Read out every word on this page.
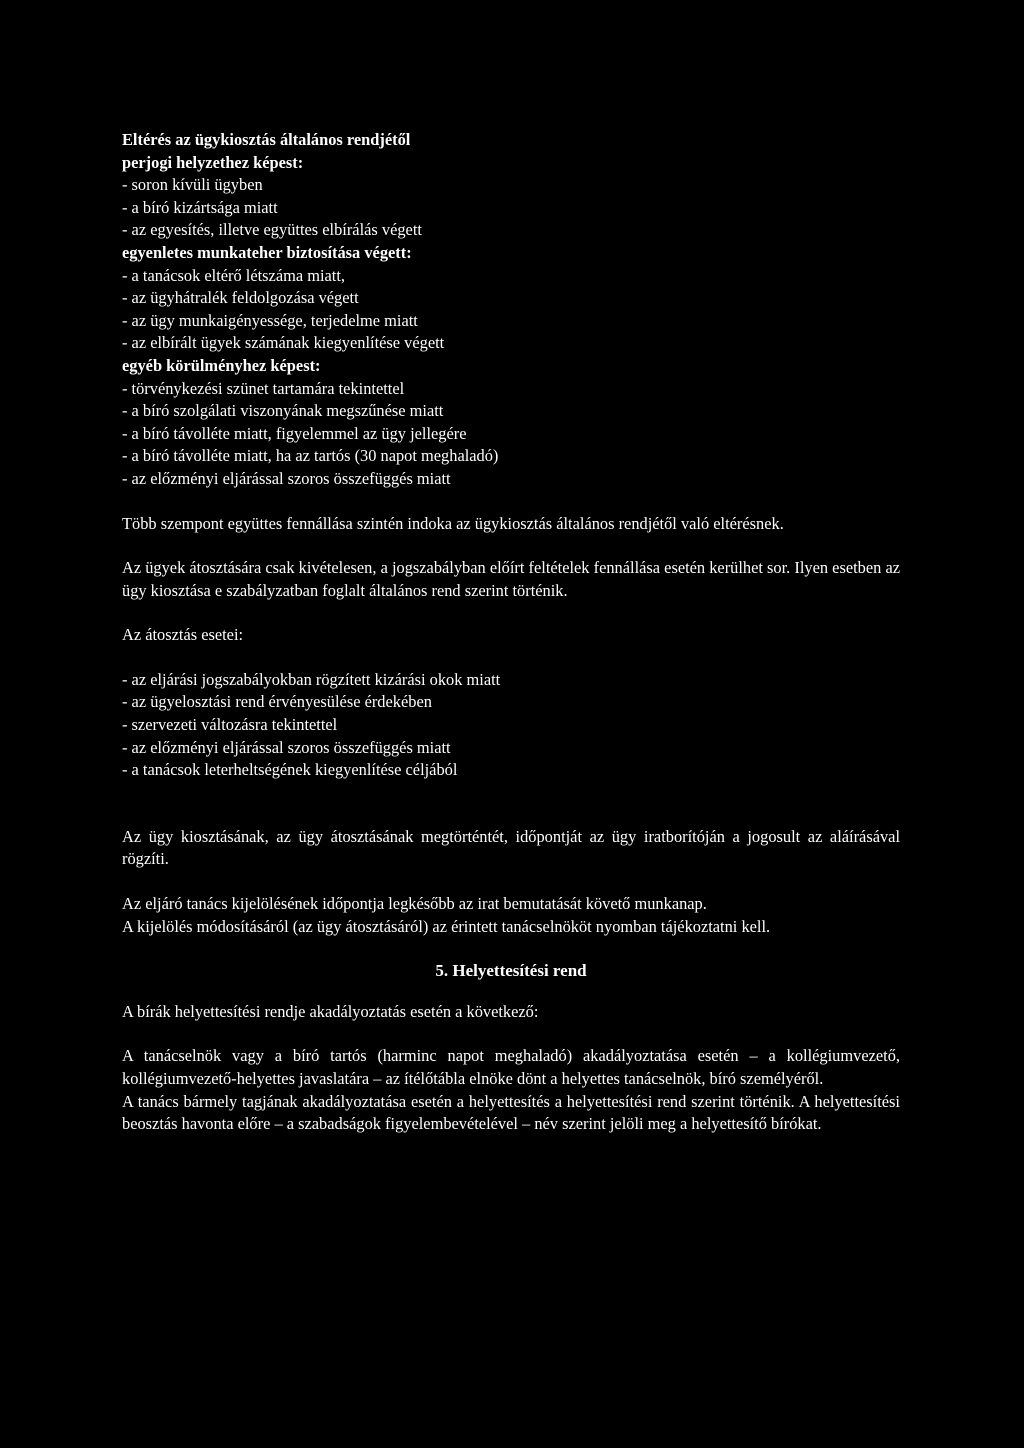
Eltérés az ügykiosztás általános rendjétől
perjogi helyzethez képest:
- soron kívüli ügyben
- a bíró kizártsága miatt
- az egyesítés, illetve együttes elbírálás végett
egyenletes munkateher biztosítása végett:
- a tanácsok eltérő létszáma miatt,
- az ügyhátralék feldolgozása végett
- az ügy munkaigényessége, terjedelme miatt
- az elbírált ügyek számának kiegyenlítése végett
egyéb körülményhez képest:
- törvénykezési szünet tartamára tekintettel
- a bíró szolgálati viszonyának megszűnése miatt
- a bíró távolléte miatt, figyelemmel az ügy jellegére
- a bíró távolléte miatt, ha az tartós (30 napot meghaladó)
- az előzményi eljárással szoros összefüggés miatt
Több szempont együttes fennállása szintén indoka az ügykiosztás általános rendjétől való eltérésnek.
Az ügyek átosztására csak kivételesen, a jogszabályban előírt feltételek fennállása esetén kerülhet sor. Ilyen esetben az ügy kiosztása e szabályzatban foglalt általános rend szerint történik.
Az átosztás esetei:
- az eljárási jogszabályokban rögzített kizárási okok miatt
- az ügyelosztási rend érvényesülése érdekében
- szervezeti változásra tekintettel
- az előzményi eljárással szoros összefüggés miatt
- a tanácsok leterheltségének kiegyenlítése céljából
Az ügy kiosztásának, az ügy átosztásának megtörténtét, időpontját az ügy iratborítóján a jogosult az aláírásával rögzíti.
Az eljáró tanács kijelölésének időpontja legkésőbb az irat bemutatását követő munkanap.
A kijelölés módosításáról (az ügy átosztásáról) az érintett tanácselnököt nyomban tájékoztatni kell.
5. Helyettesítési rend
A bírák helyettesítési rendje akadályoztatás esetén a következő:
A tanácselnök vagy a bíró tartós (harminc napot meghaladó) akadályoztatása esetén – a kollégiumvezető, kollégiumvezető-helyettes javaslatára – az ítélőtábla elnöke dönt a helyettes tanácselnök, bíró személyéről.
A tanács bármely tagjának akadályoztatása esetén a helyettesítés a helyettesítési rend szerint történik. A helyettesítési beosztás havonta előre – a szabadságok figyelembevételével – név szerint jelöli meg a helyettesítő bírókat.
